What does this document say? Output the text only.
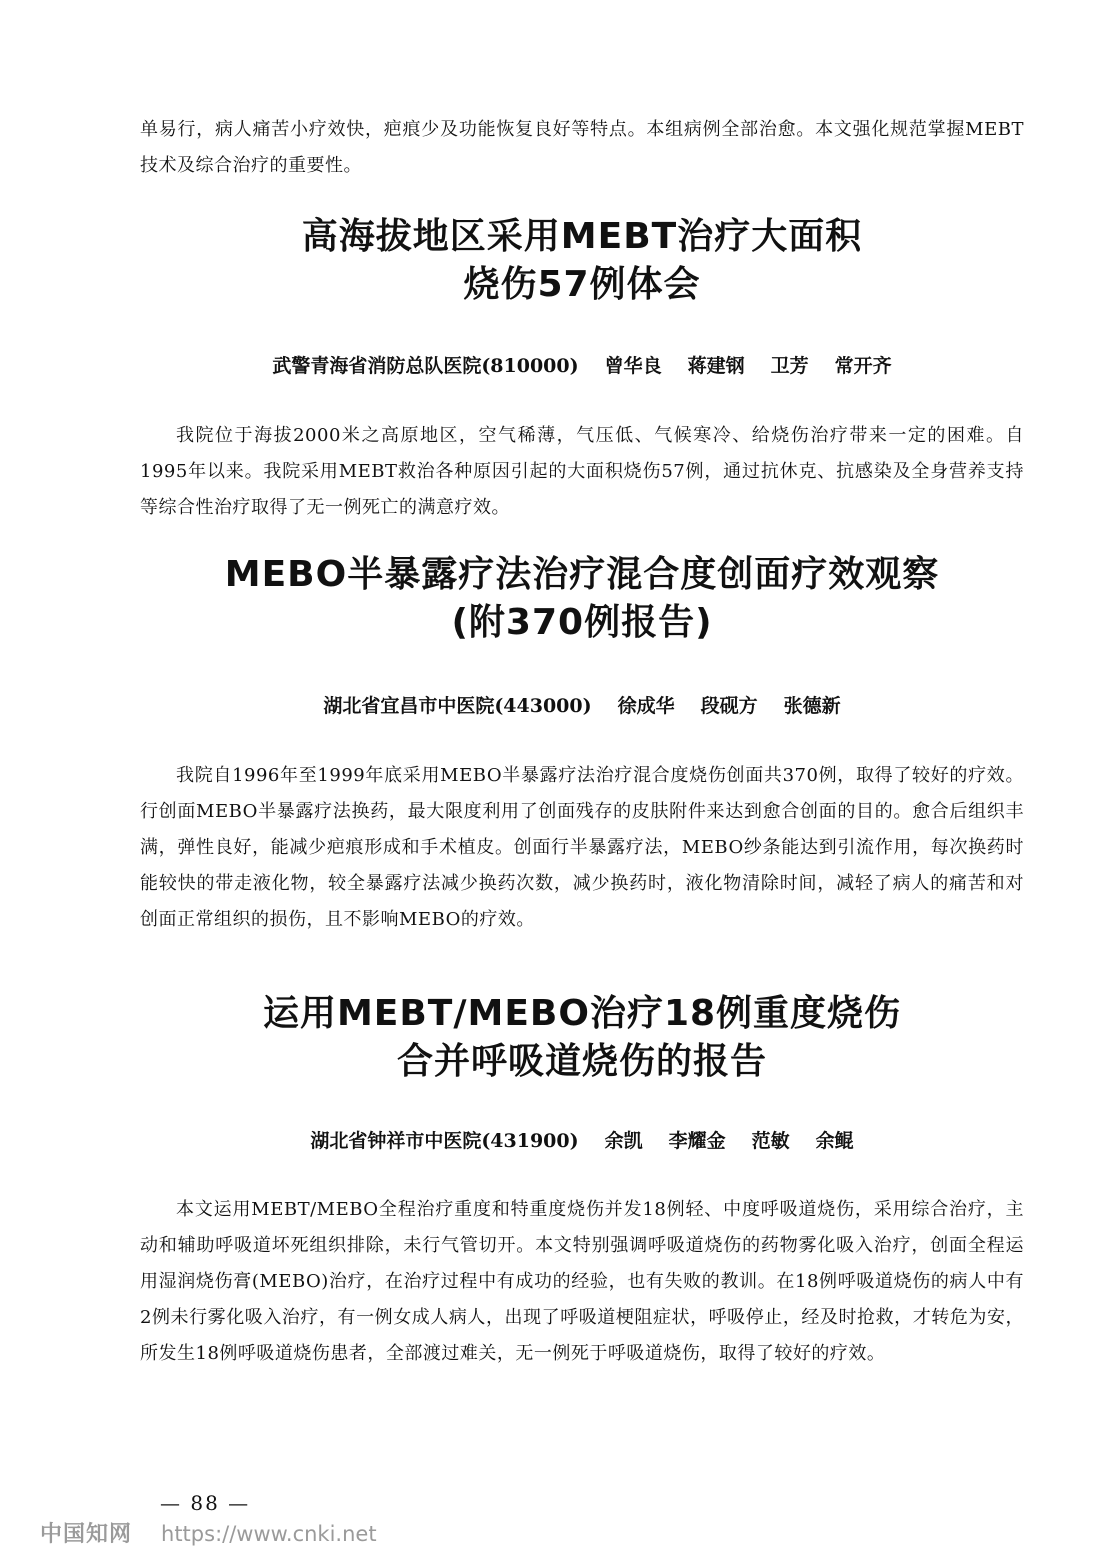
单易行，病人痛苦小疗效快，疤痕少及功能恢复良好等特点。本组病例全部治愈。本文强化规范掌握MEBT技术及综合治疗的重要性。

高海拔地区采用MEBT治疗大面积
烧伤57例体会

武警青海省消防总队医院(810000) 曾华良 蒋建钢 卫芳 常开齐

我院位于海拔2000米之高原地区，空气稀薄，气压低、气候寒冷、给烧伤治疗带来一定的困难。自1995年以来。我院采用MEBT救治各种原因引起的大面积烧伤57例，通过抗休克、抗感染及全身营养支持等综合性治疗取得了无一例死亡的满意疗效。

MEBO半暴露疗法治疗混合度创面疗效观察
(附370例报告)

湖北省宜昌市中医院(443000) 徐成华 段砚方 张德新

我院自1996年至1999年底采用MEBO半暴露疗法治疗混合度烧伤创面共370例，取得了较好的疗效。行创面MEBO半暴露疗法换药，最大限度利用了创面残存的皮肤附件来达到愈合创面的目的。愈合后组织丰满，弹性良好，能减少疤痕形成和手术植皮。创面行半暴露疗法，MEBO纱条能达到引流作用，每次换药时能较快的带走液化物，较全暴露疗法减少换药次数，减少换药时，液化物清除时间，减轻了病人的痛苦和对创面正常组织的损伤，且不影响MEBO的疗效。

运用MEBT/MEBO治疗18例重度烧伤
合并呼吸道烧伤的报告

湖北省钟祥市中医院(431900) 余凯 李耀金 范敏 余鲲

本文运用MEBT/MEBO全程治疗重度和特重度烧伤并发18例轻、中度呼吸道烧伤，采用综合治疗，主动和辅助呼吸道坏死组织排除，未行气管切开。本文特别强调呼吸道烧伤的药物雾化吸入治疗，创面全程运用湿润烧伤膏(MEBO)治疗，在治疗过程中有成功的经验，也有失败的教训。在18例呼吸道烧伤的病人中有2例未行雾化吸入治疗，有一例女成人病人，出现了呼吸道梗阻症状，呼吸停止，经及时抢救，才转危为安，所发生18例呼吸道烧伤患者，全部渡过难关，无一例死于呼吸道烧伤，取得了较好的疗效。

— 88 —
中国知网 https://www.cnki.net
